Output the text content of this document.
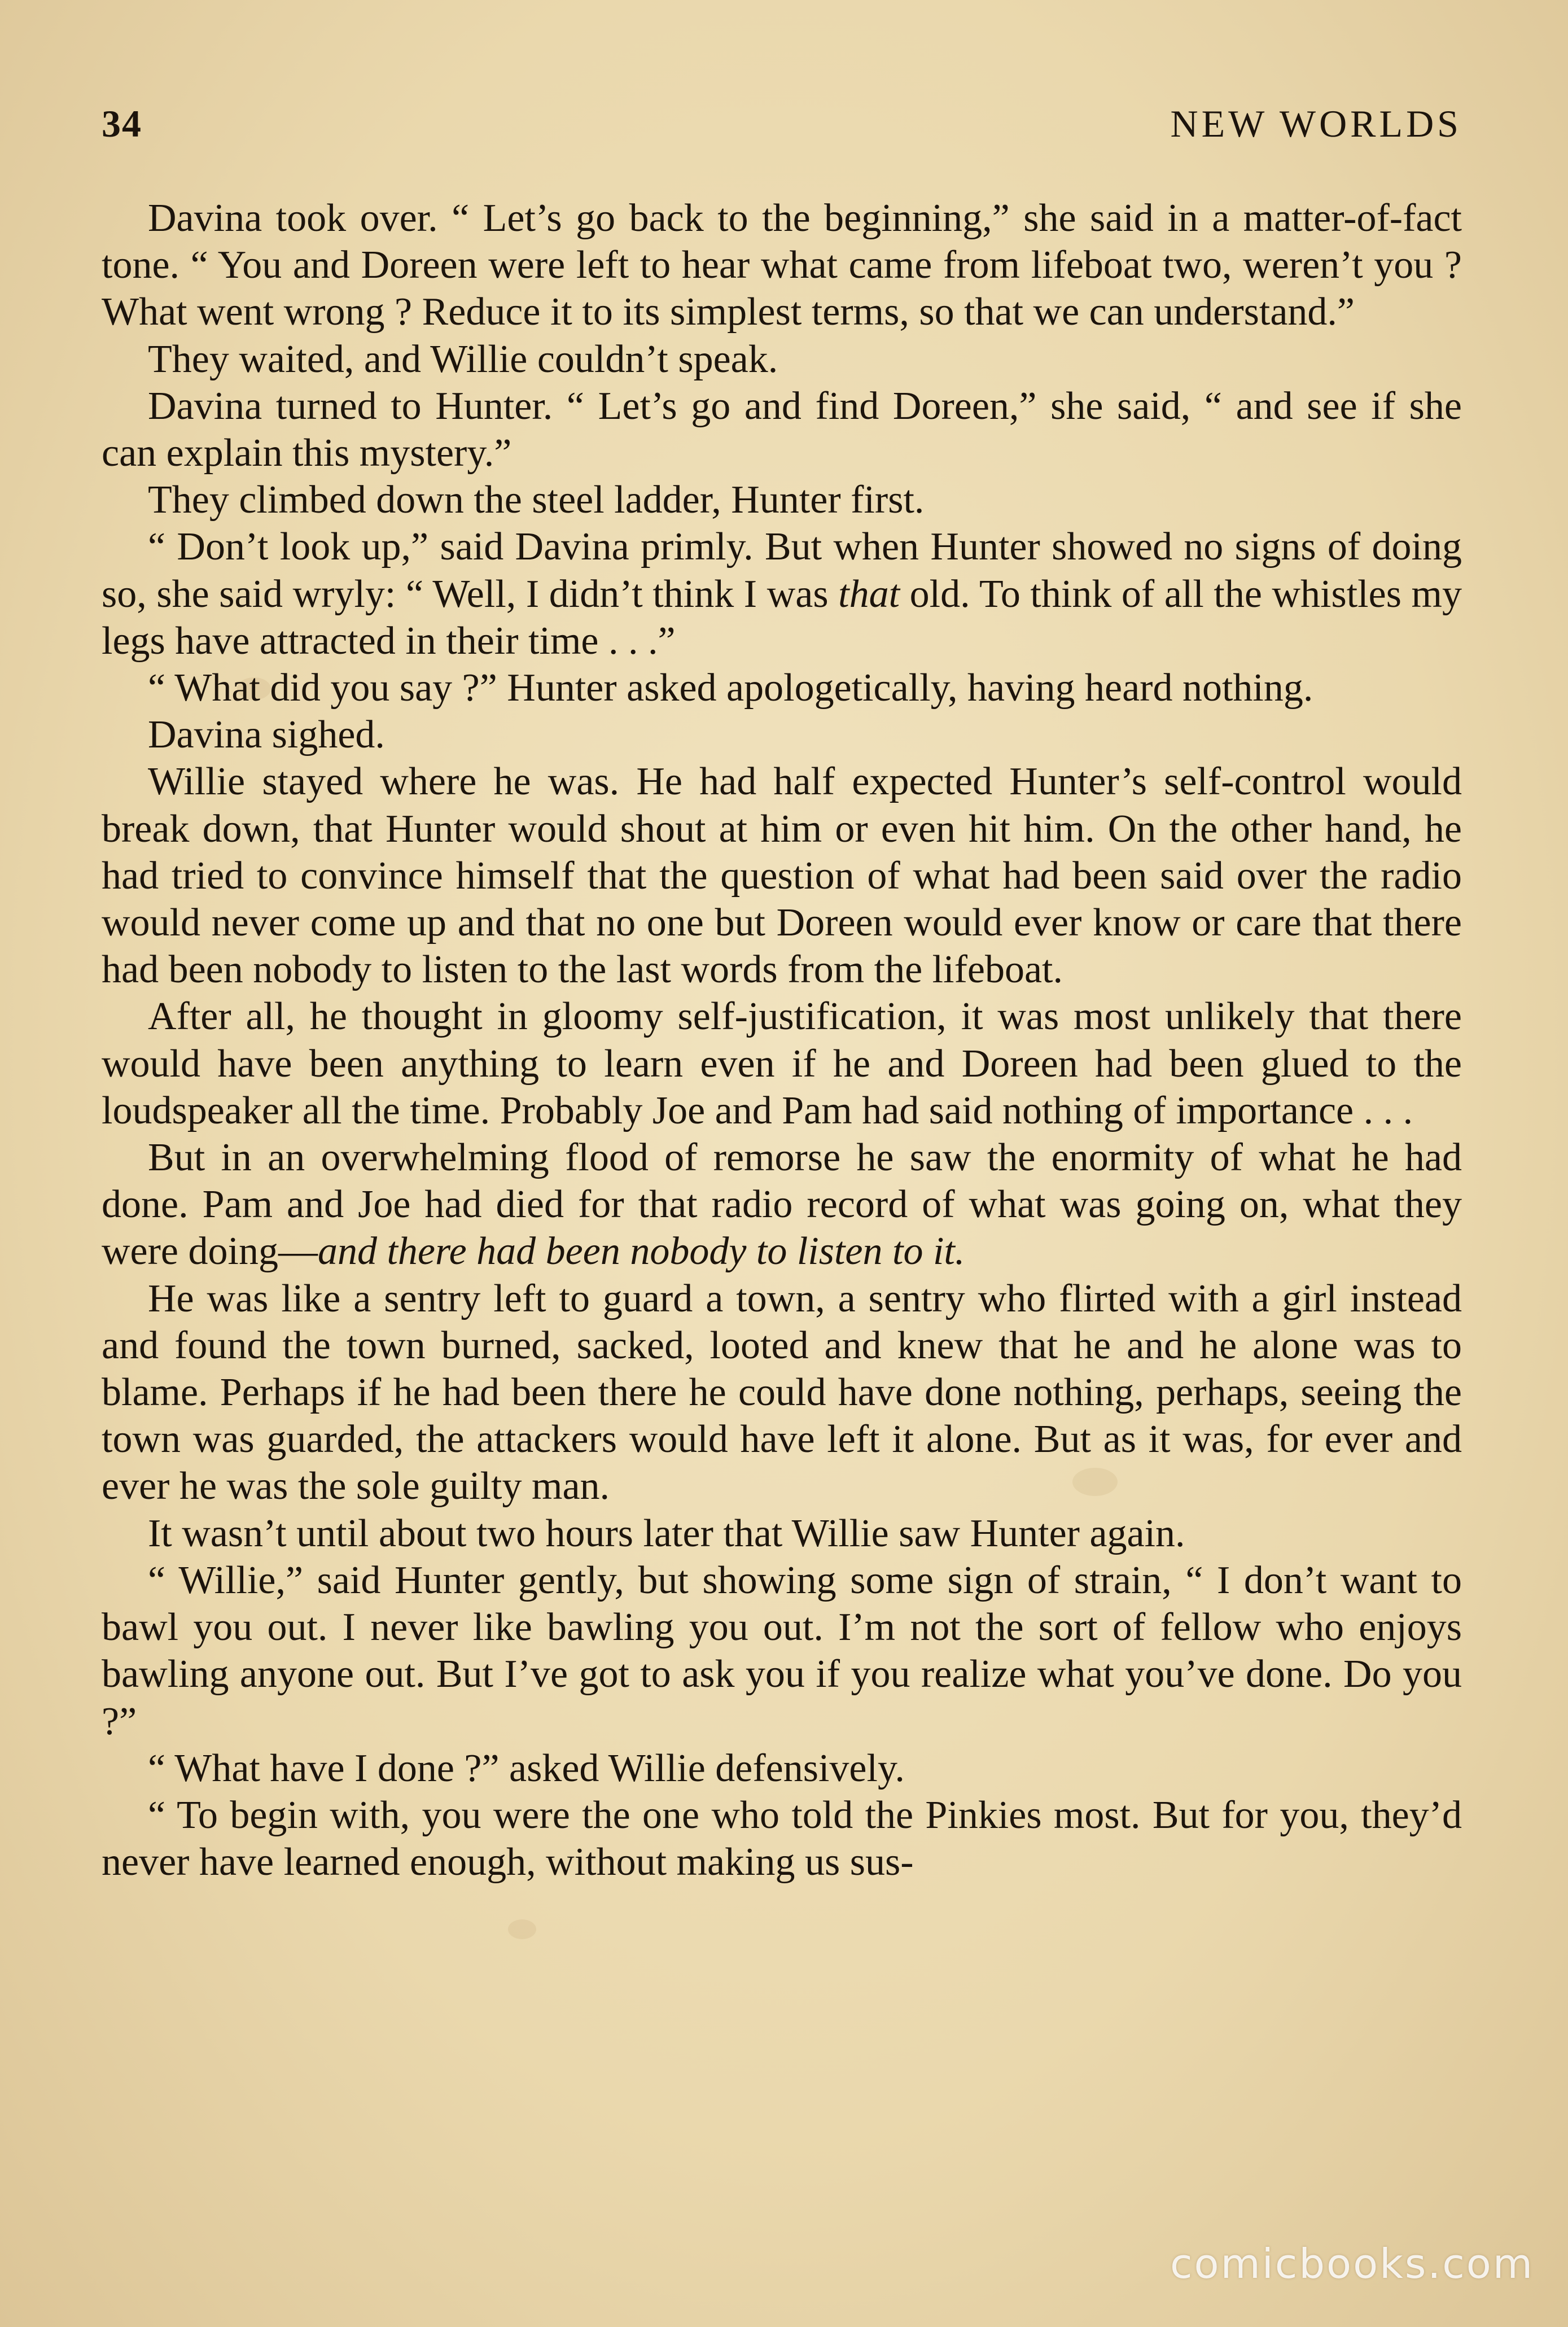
34	NEW WORLDS

Davina took over. “ Let’s go back to the beginning,” she said in a matter-of-fact tone. “ You and Doreen were left to hear what came from lifeboat two, weren’t you ? What went wrong ? Reduce it to its simplest terms, so that we can understand.”

They waited, and Willie couldn’t speak.

Davina turned to Hunter. “ Let’s go and find Doreen,” she said, “ and see if she can explain this mystery.”

They climbed down the steel ladder, Hunter first.

“ Don’t look up,” said Davina primly. But when Hunter showed no signs of doing so, she said wryly: “ Well, I didn’t think I was that old. To think of all the whistles my legs have attracted in their time . . .”

“ What did you say ?” Hunter asked apologetically, having heard nothing.

Davina sighed.

Willie stayed where he was. He had half expected Hunter’s self-control would break down, that Hunter would shout at him or even hit him. On the other hand, he had tried to convince himself that the question of what had been said over the radio would never come up and that no one but Doreen would ever know or care that there had been nobody to listen to the last words from the lifeboat.

After all, he thought in gloomy self-justification, it was most unlikely that there would have been anything to learn even if he and Doreen had been glued to the loudspeaker all the time. Probably Joe and Pam had said nothing of importance . . .

But in an overwhelming flood of remorse he saw the enormity of what he had done. Pam and Joe had died for that radio record of what was going on, what they were doing—and there had been nobody to listen to it.

He was like a sentry left to guard a town, a sentry who flirted with a girl instead and found the town burned, sacked, looted and knew that he and he alone was to blame. Perhaps if he had been there he could have done nothing, perhaps, seeing the town was guarded, the attackers would have left it alone. But as it was, for ever and ever he was the sole guilty man.

It wasn’t until about two hours later that Willie saw Hunter again.

“ Willie,” said Hunter gently, but showing some sign of strain, “ I don’t want to bawl you out. I never like bawling you out. I’m not the sort of fellow who enjoys bawling anyone out. But I’ve got to ask you if you realize what you’ve done. Do you ?”

“ What have I done ?” asked Willie defensively.

“ To begin with, you were the one who told the Pinkies most. But for you, they’d never have learned enough, without making us sus-

comicbooks.com
